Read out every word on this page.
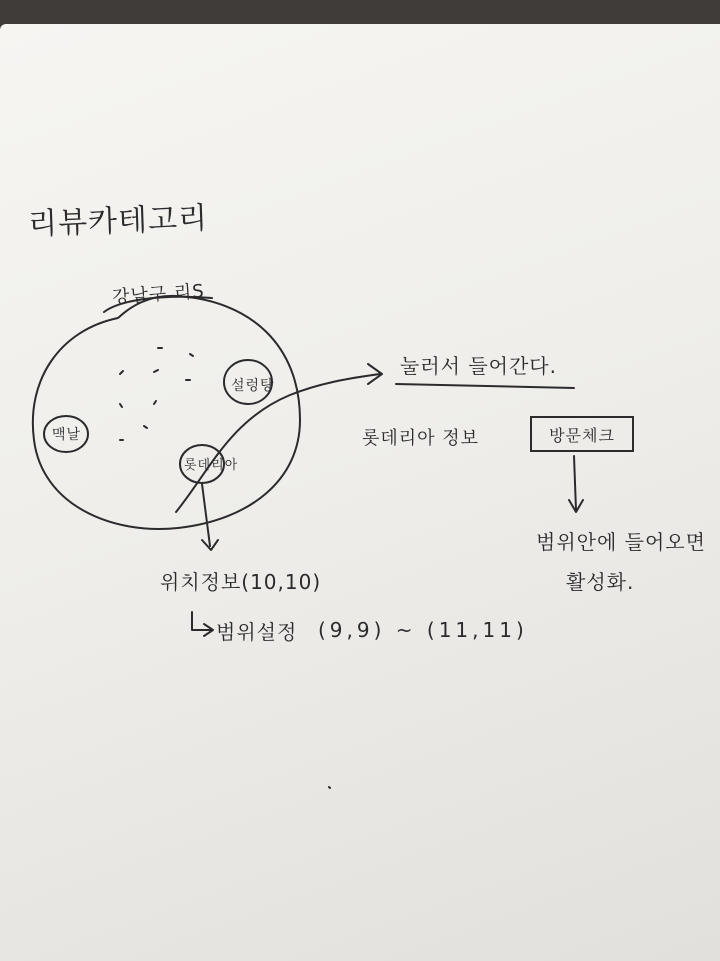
리뷰카테고리
강남구 리S
맥날
설렁탕
롯데리아
눌러서 들어간다.
롯데리아 정보	방문체크
범위안에 들어오면
활성화.
위치정보(10,10)
범위설정 (9,9) ~ (11,11)
